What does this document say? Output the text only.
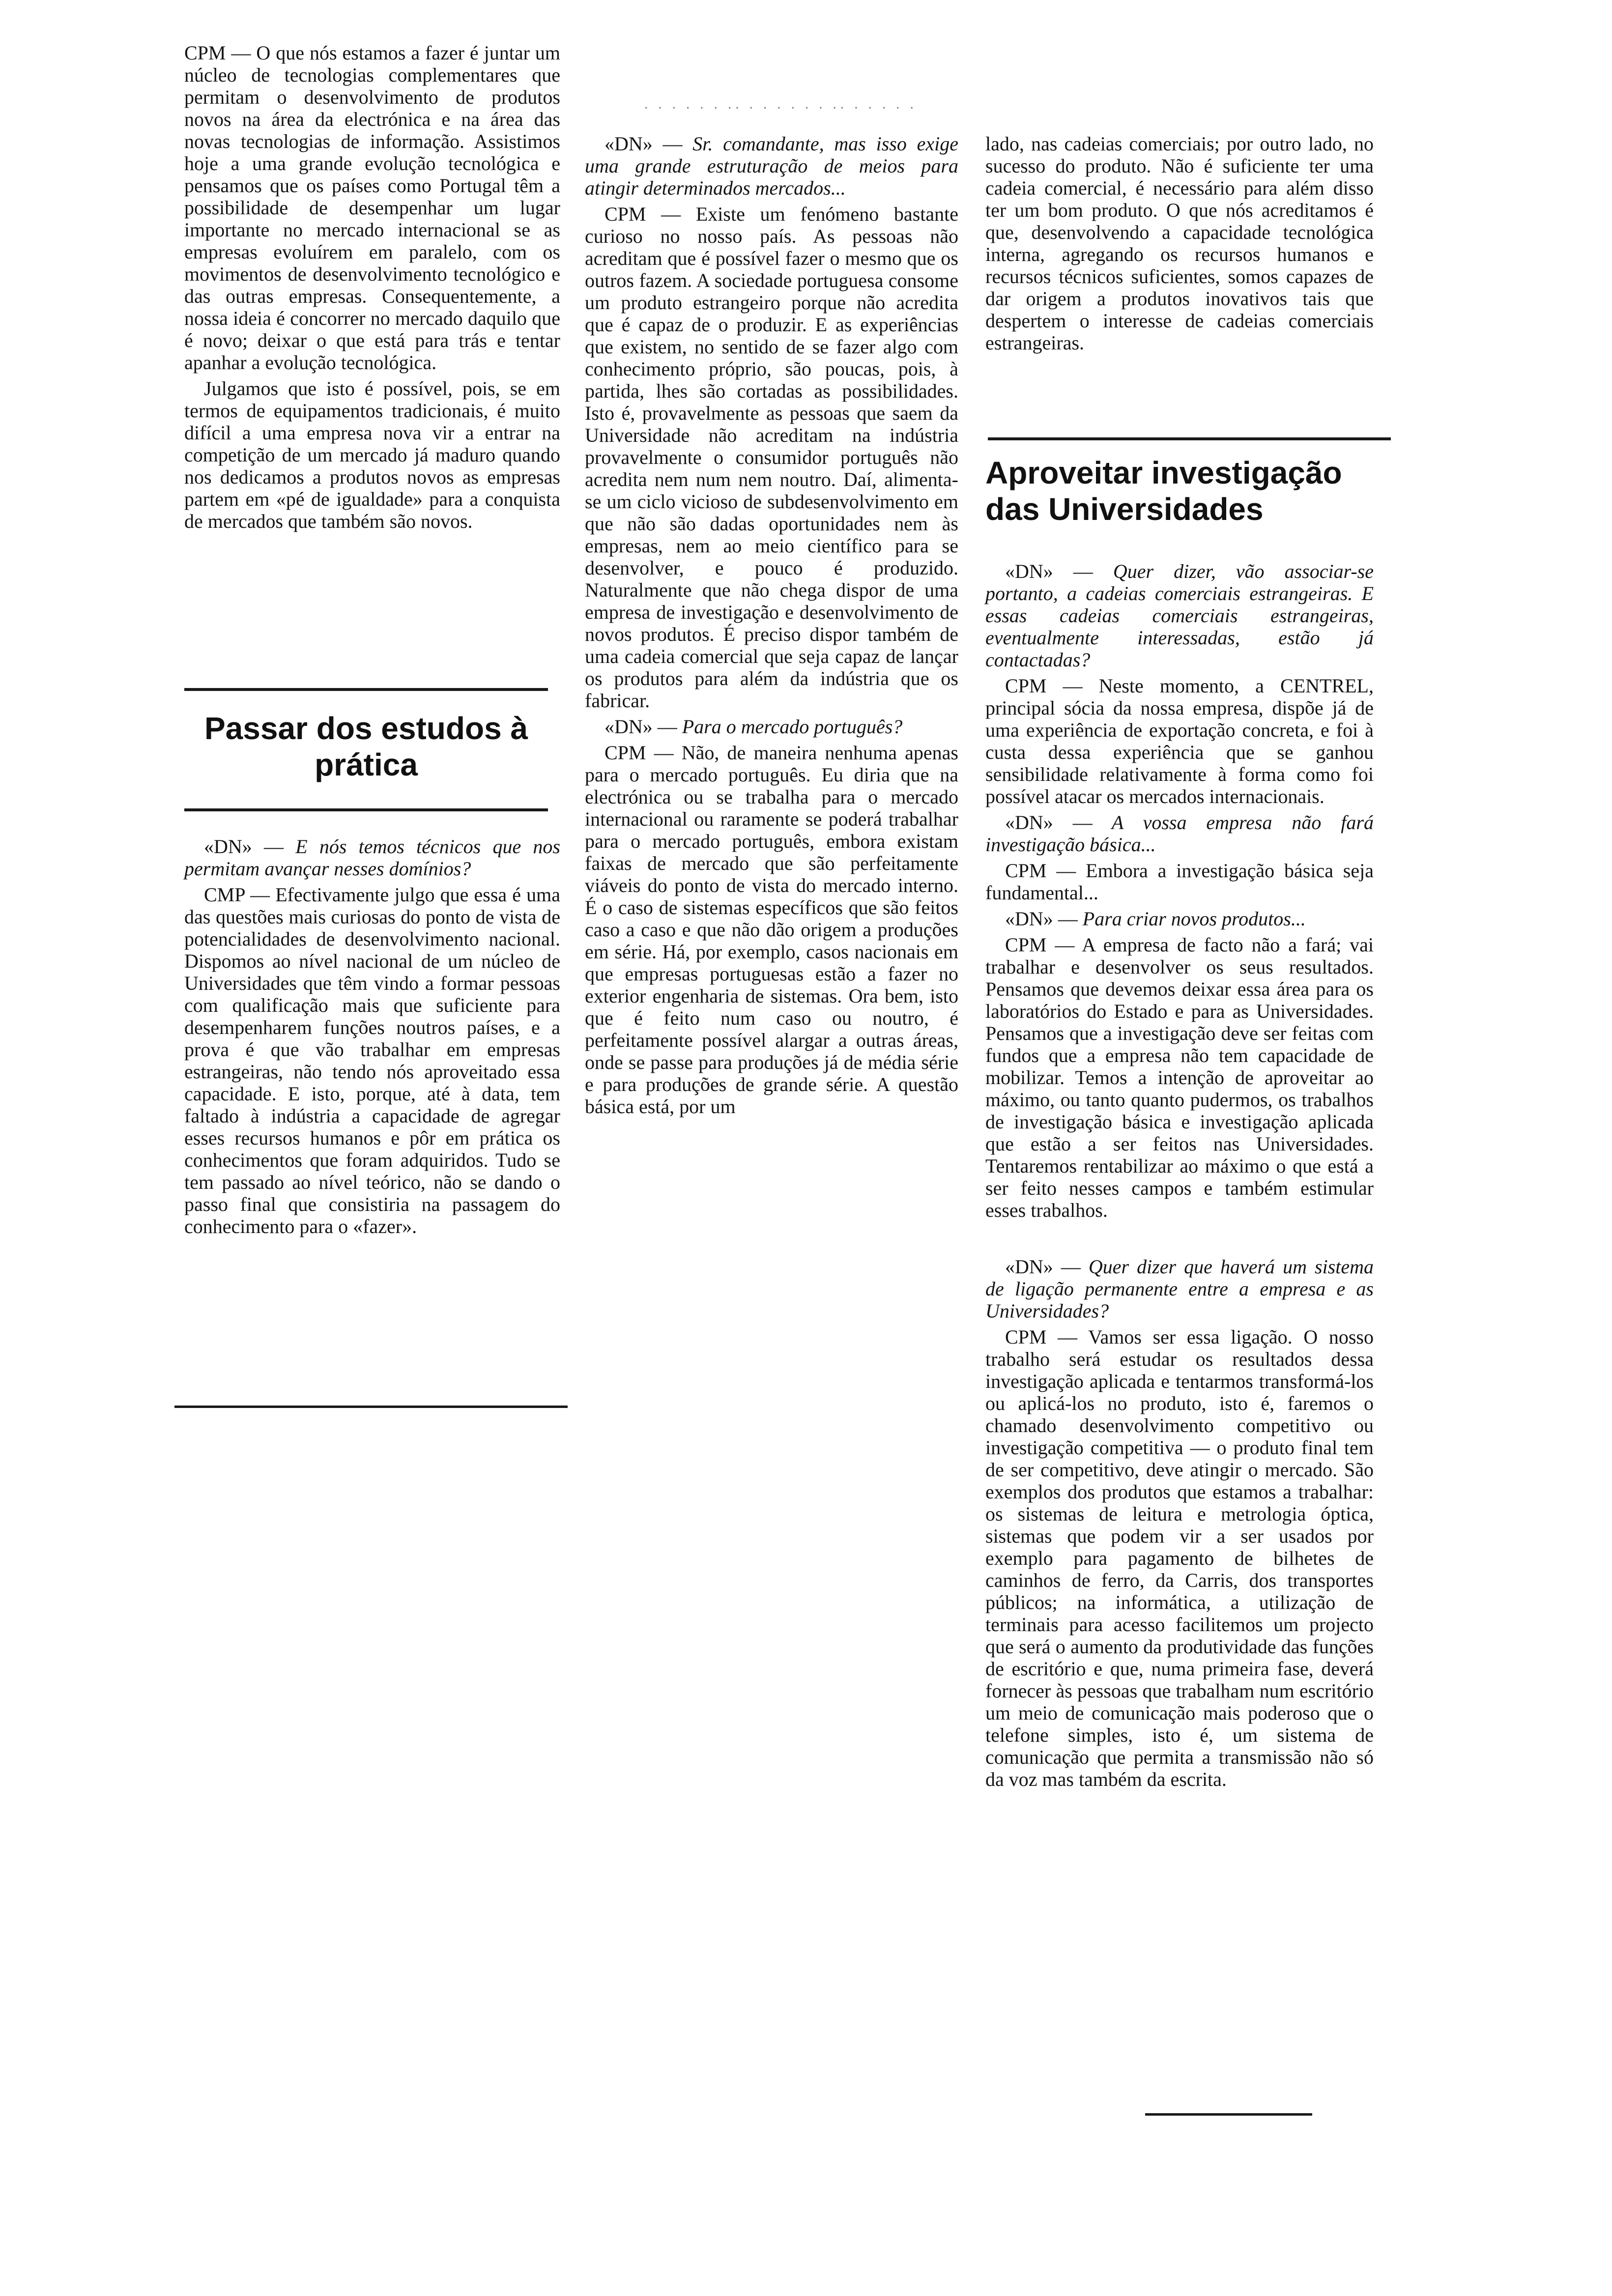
· · · · · · ·· · · · · · · ·· · · · · ·

CPM — O que nós estamos a fazer é juntar um núcleo de tecnologias complementares que permitam o desenvolvimento de produtos novos na área da electrónica e na área das novas tecnologias de informação. Assistimos hoje a uma grande evolução tecnológica e pensamos que os países como Portugal têm a possibilidade de desempenhar um lugar importante no mercado internacional se as empresas evoluírem em paralelo, com os movimentos de desenvolvimento tecnológico e das outras empresas. Consequentemente, a nossa ideia é concorrer no mercado daquilo que é novo; deixar o que está para trás e tentar apanhar a evolução tecnológica.

Julgamos que isto é possível, pois, se em termos de equipamentos tradicionais, é muito difícil a uma empresa nova vir a entrar na competição de um mercado já maduro quando nos dedicamos a produtos novos as empresas partem em «pé de igualdade» para a conquista de mercados que também são novos.

Passar dos estudos à prática

«DN» — E nós temos técnicos que nos permitam avançar nesses domínios?

CMP — Efectivamente julgo que essa é uma das questões mais curiosas do ponto de vista de potencialidades de desenvolvimento nacional. Dispomos ao nível nacional de um núcleo de Universidades que têm vindo a formar pessoas com qualificação mais que suficiente para desempenharem funções noutros países, e a prova é que vão trabalhar em empresas estrangeiras, não tendo nós aproveitado essa capacidade. E isto, porque, até à data, tem faltado à indústria a capacidade de agregar esses recursos humanos e pôr em prática os conhecimentos que foram adquiridos. Tudo se tem passado ao nível teórico, não se dando o passo final que consistiria na passagem do conhecimento para o «fazer».

«DN» — Sr. comandante, mas isso exige uma grande estruturação de meios para atingir determinados mercados...

CPM — Existe um fenómeno bastante curioso no nosso país. As pessoas não acreditam que é possível fazer o mesmo que os outros fazem. A sociedade portuguesa consome um produto estrangeiro porque não acredita que é capaz de o produzir. E as experiências que existem, no sentido de se fazer algo com conhecimento próprio, são poucas, pois, à partida, lhes são cortadas as possibilidades. Isto é, provavelmente as pessoas que saem da Universidade não acreditam na indústria provavelmente o consumidor português não acredita nem num nem noutro. Daí, alimenta-se um ciclo vicioso de subdesenvolvimento em que não são dadas oportunidades nem às empresas, nem ao meio científico para se desenvolver, e pouco é produzido. Naturalmente que não chega dispor de uma empresa de investigação e desenvolvimento de novos produtos. É preciso dispor também de uma cadeia comercial que seja capaz de lançar os produtos para além da indústria que os fabricar.

«DN» — Para o mercado português?

CPM — Não, de maneira nenhuma apenas para o mercado português. Eu diria que na electrónica ou se trabalha para o mercado internacional ou raramente se poderá trabalhar para o mercado português, embora existam faixas de mercado que são perfeitamente viáveis do ponto de vista do mercado interno. É o caso de sistemas específicos que são feitos caso a caso e que não dão origem a produções em série. Há, por exemplo, casos nacionais em que empresas portuguesas estão a fazer no exterior engenharia de sistemas. Ora bem, isto que é feito num caso ou noutro, é perfeitamente possível alargar a outras áreas, onde se passe para produções já de média série e para produções de grande série. A questão básica está, por um

lado, nas cadeias comerciais; por outro lado, no sucesso do produto. Não é suficiente ter uma cadeia comercial, é necessário para além disso ter um bom produto. O que nós acreditamos é que, desenvolvendo a capacidade tecnológica interna, agregando os recursos humanos e recursos técnicos suficientes, somos capazes de dar origem a produtos inovativos tais que despertem o interesse de cadeias comerciais estrangeiras.

Aproveitar investigação das Universidades

«DN» — Quer dizer, vão associar-se portanto, a cadeias comerciais estrangeiras. E essas cadeias comerciais estrangeiras, eventualmente interessadas, estão já contactadas?

CPM — Neste momento, a CENTREL, principal sócia da nossa empresa, dispõe já de uma experiência de exportação concreta, e foi à custa dessa experiência que se ganhou sensibilidade relativamente à forma como foi possível atacar os mercados internacionais.

«DN» — A vossa empresa não fará investigação básica...

CPM — Embora a investigação básica seja fundamental...

«DN» — Para criar novos produtos...

CPM — A empresa de facto não a fará; vai trabalhar e desenvolver os seus resultados. Pensamos que devemos deixar essa área para os laboratórios do Estado e para as Universidades. Pensamos que a investigação deve ser feitas com fundos que a empresa não tem capacidade de mobilizar. Temos a intenção de aproveitar ao máximo, ou tanto quanto pudermos, os trabalhos de investigação básica e investigação aplicada que estão a ser feitos nas Universidades. Tentaremos rentabilizar ao máximo o que está a ser feito nesses campos e também estimular esses trabalhos.

«DN» — Quer dizer que haverá um sistema de ligação permanente entre a empresa e as Universidades?

CPM — Vamos ser essa ligação. O nosso trabalho será estudar os resultados dessa investigação aplicada e tentarmos transformá-los ou aplicá-los no produto, isto é, faremos o chamado desenvolvimento competitivo ou investigação competitiva — o produto final tem de ser competitivo, deve atingir o mercado. São exemplos dos produtos que estamos a trabalhar: os sistemas de leitura e metrologia óptica, sistemas que podem vir a ser usados por exemplo para pagamento de bilhetes de caminhos de ferro, da Carris, dos transportes públicos; na informática, a utilização de terminais para acesso facilitemos um projecto que será o aumento da produtividade das funções de escritório e que, numa primeira fase, deverá fornecer às pessoas que trabalham num escritório um meio de comunicação mais poderoso que o telefone simples, isto é, um sistema de comunicação que permita a transmissão não só da voz mas também da escrita.
